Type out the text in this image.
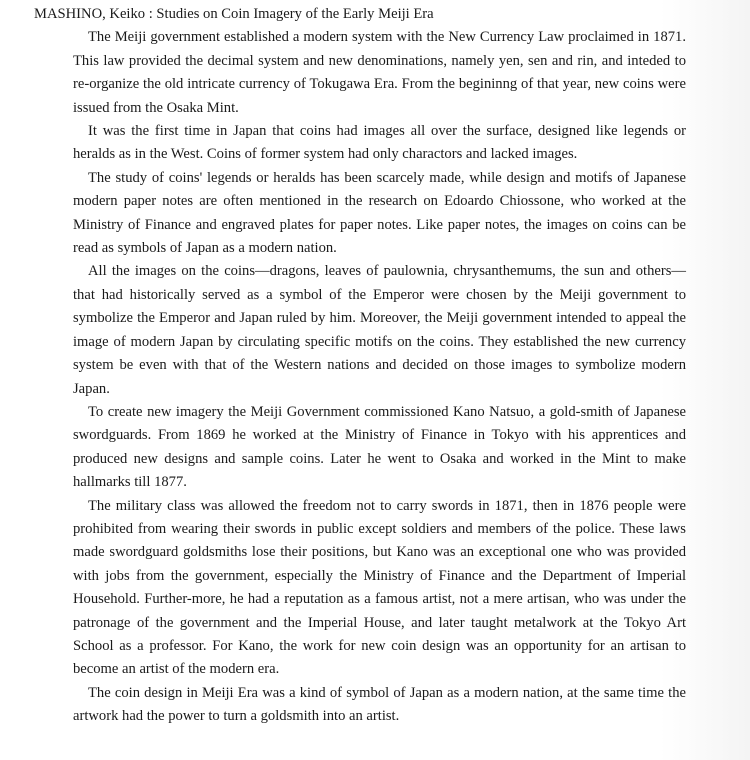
MASHINO, Keiko : Studies on Coin Imagery of the Early Meiji Era

The Meiji government established a modern system with the New Currency Law proclaimed in 1871. This law provided the decimal system and new denominations, namely yen, sen and rin, and inteded to re-organize the old intricate currency of Tokugawa Era. From the begininng of that year, new coins were issued from the Osaka Mint.

It was the first time in Japan that coins had images all over the surface, designed like legends or heralds as in the West. Coins of former system had only charactors and lacked images.

The study of coins' legends or heralds has been scarcely made, while design and motifs of Japanese modern paper notes are often mentioned in the research on Edoardo Chiossone, who worked at the Ministry of Finance and engraved plates for paper notes. Like paper notes, the images on coins can be read as symbols of Japan as a modern nation.

All the images on the coins—dragons, leaves of paulownia, chrysanthemums, the sun and others—that had historically served as a symbol of the Emperor were chosen by the Meiji government to symbolize the Emperor and Japan ruled by him. Moreover, the Meiji government intended to appeal the image of modern Japan by circulating specific motifs on the coins. They established the new currency system be even with that of the Western nations and decided on those images to symbolize modern Japan.

To create new imagery the Meiji Government commissioned Kano Natsuo, a gold-smith of Japanese swordguards. From 1869 he worked at the Ministry of Finance in Tokyo with his apprentices and produced new designs and sample coins. Later he went to Osaka and worked in the Mint to make hallmarks till 1877.

The military class was allowed the freedom not to carry swords in 1871, then in 1876 people were prohibited from wearing their swords in public except soldiers and members of the police. These laws made swordguard goldsmiths lose their positions, but Kano was an exceptional one who was provided with jobs from the government, especially the Ministry of Finance and the Department of Imperial Household. Further-more, he had a reputation as a famous artist, not a mere artisan, who was under the patronage of the government and the Imperial House, and later taught metalwork at the Tokyo Art School as a professor. For Kano, the work for new coin design was an opportunity for an artisan to become an artist of the modern era.

The coin design in Meiji Era was a kind of symbol of Japan as a modern nation, at the same time the artwork had the power to turn a goldsmith into an artist.
